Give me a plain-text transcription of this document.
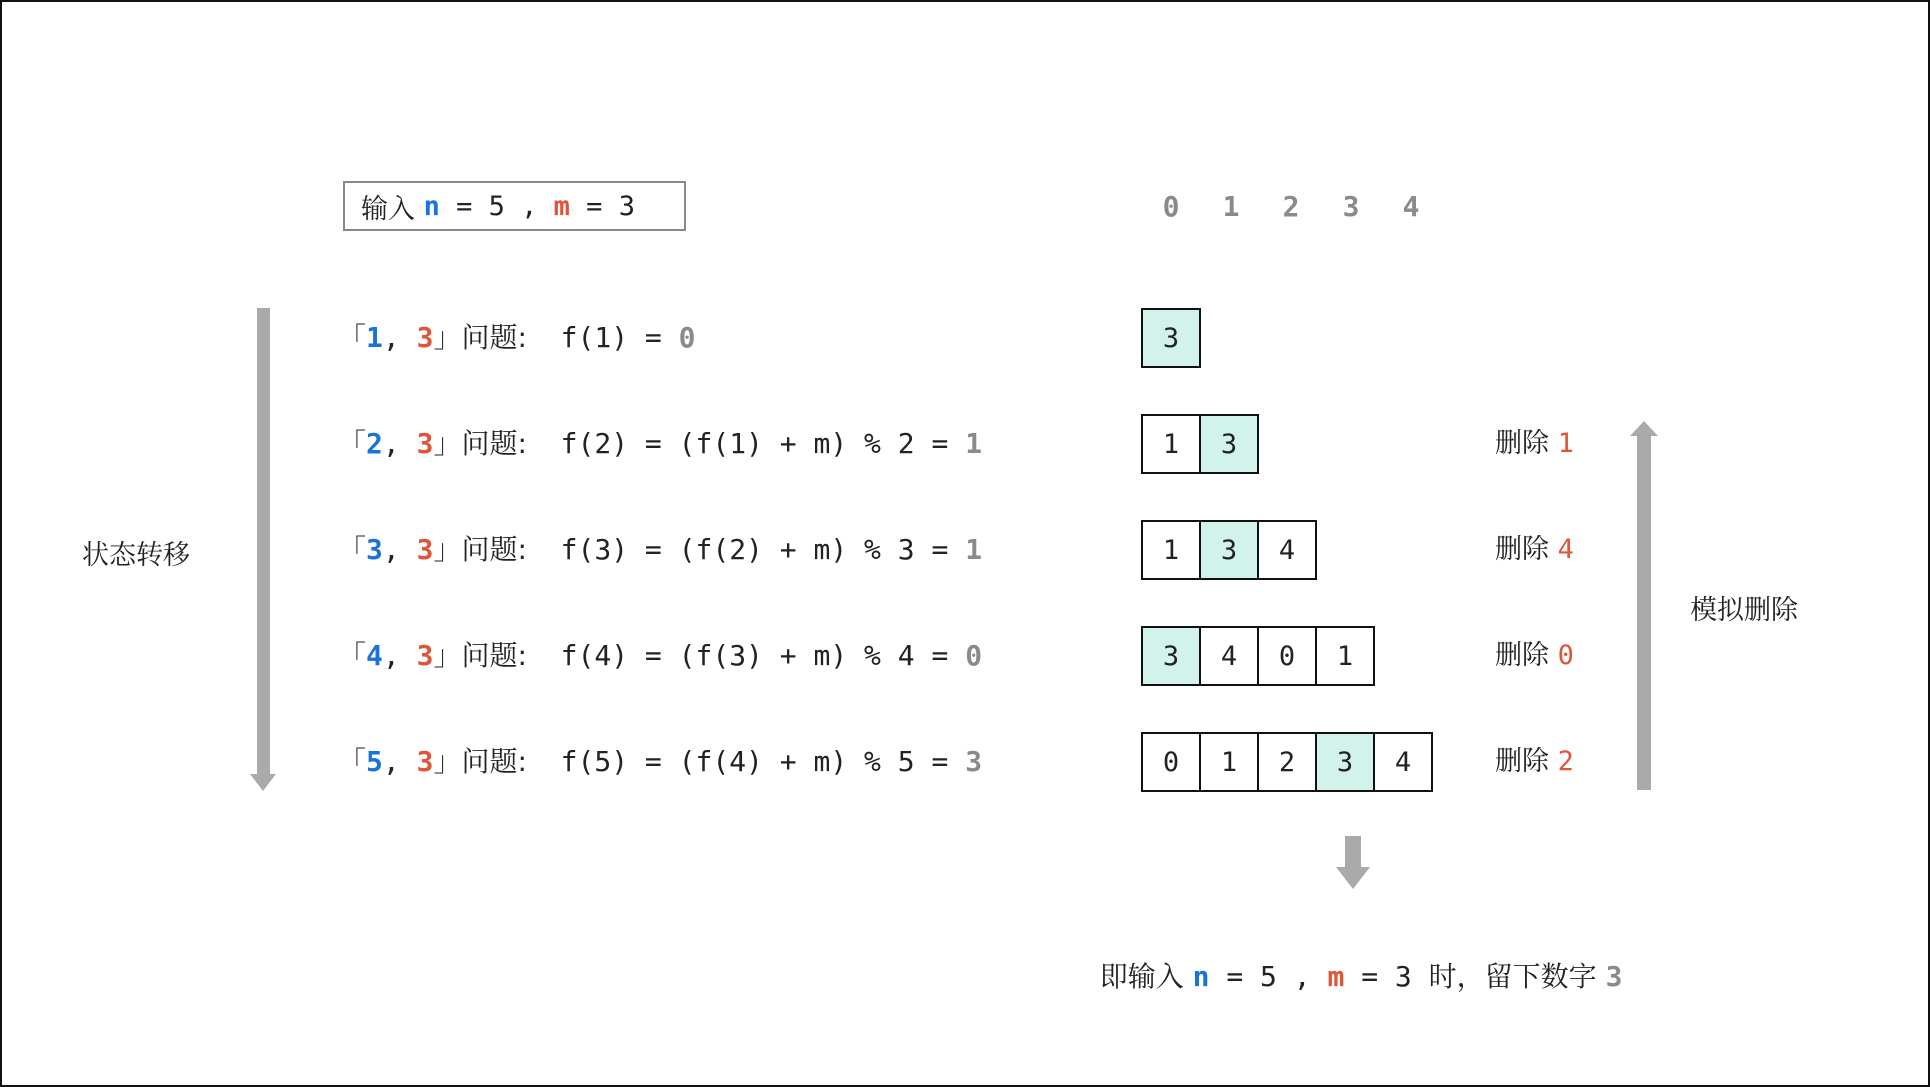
输入 n = 5 , m = 3
状态转移
「1, 3」问题:  f(1) = 0
「2, 3」问题:  f(2) = (f(1) + m) % 2 = 1
「3, 3」问题:  f(3) = (f(2) + m) % 3 = 1
「4, 3」问题:  f(4) = (f(3) + m) % 4 = 0
「5, 3」问题:  f(5) = (f(4) + m) % 5 = 3
0	1	2	3	4
3
1	3
1	3	4
3	4	0	1
0	1	2	3	4
删除 1
删除 4
删除 0
删除 2
模拟删除

即输入 n = 5 , m = 3 时，留下数字 3
